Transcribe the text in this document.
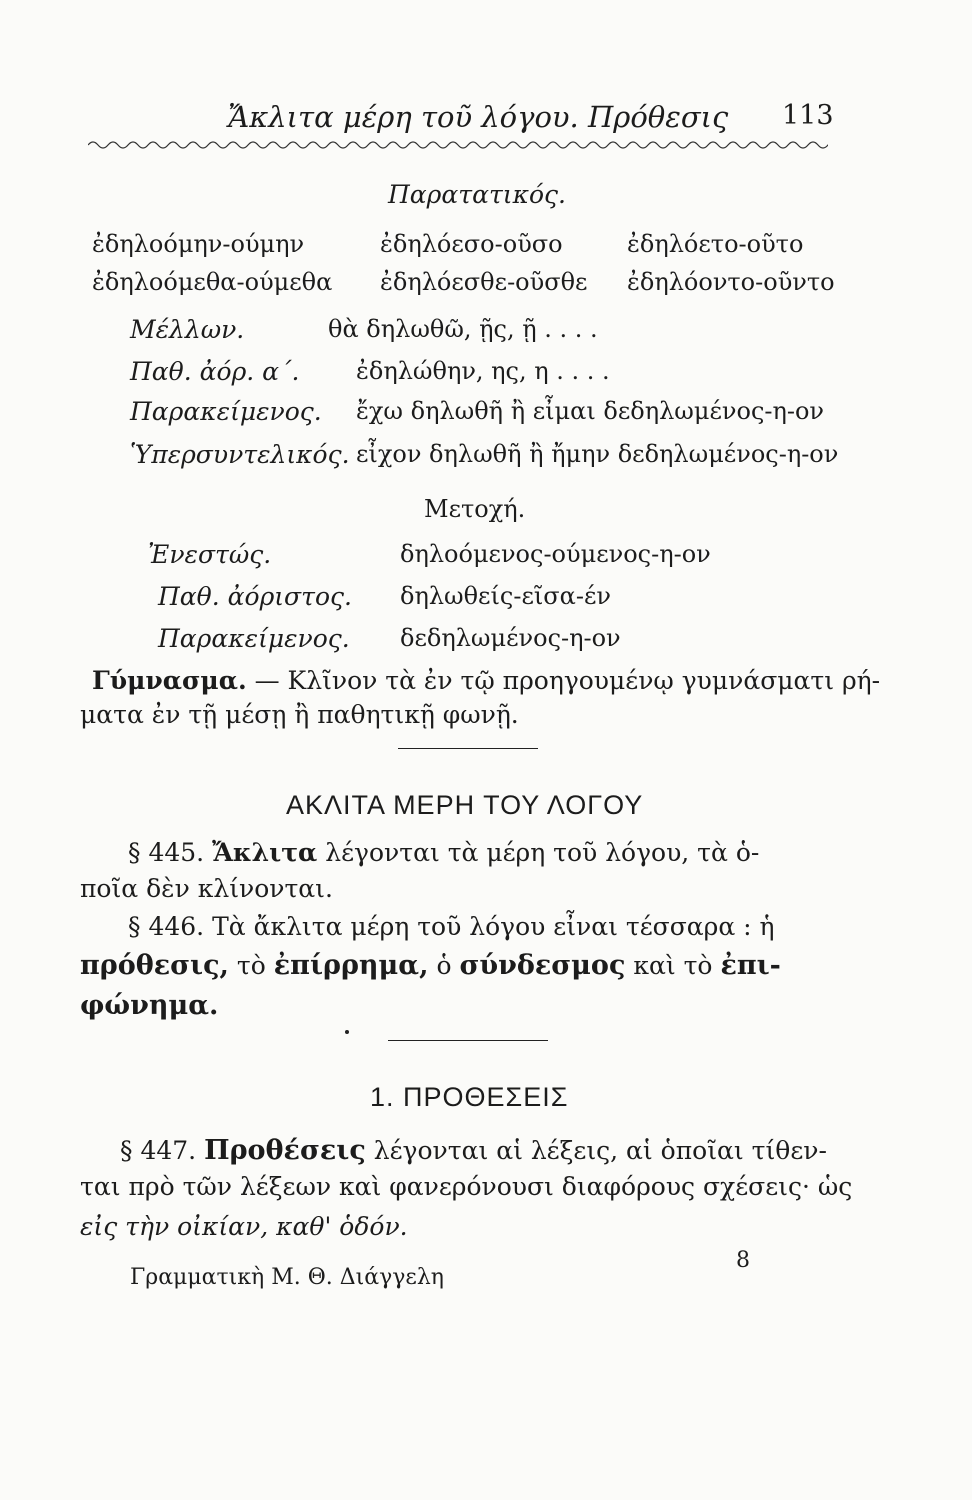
Ἄκλιτα μέρη τοῦ λόγου. Πρόθεσις 113
Παρατατικός.
ἐδηλοόμην-ούμην	ἐδηλόεσο-οῦσο	ἐδηλόετο-οῦτο
ἐδηλοόμεθα-ούμεθα ἐδηλόεσθε-οῦσθε ἐδηλόοντο-οῦντο
Μέλλων.	θὰ δηλωθῶ, ῇς, ῇ . . . .
Παθ. ἀόρ. α΄. ἐδηλώθην, ης, η . . . .
Παρακείμενος. ἔχω δηλωθῆ ἢ εἶμαι δεδηλωμένος-η-ον
Ὑπερσυντελικός. εἶχον δηλωθῆ ἢ ἤμην δεδηλωμένος-η-ον
Μετοχή.
Ἐνεστώς.	δηλοόμενος-ούμενος-η-ον
Παθ. ἀόριστος. δηλωθείς-εῖσα-έν
Παρακείμενος. δεδηλωμένος-η-ον
Γύμνασμα. — Κλῖνον τὰ ἐν τῷ προηγουμένῳ γυμνάσματι ρή-
ματα ἐν τῇ μέσῃ ἢ παθητικῇ φωνῇ.
ΑΚΛΙΤΑ ΜΕΡΗ ΤΟΥ ΛΟΓΟΥ
§ 445. Ἄκλιτα λέγονται τὰ μέρη τοῦ λόγου, τὰ ὁ-
ποῖα δὲν κλίνονται.
§ 446. Τὰ ἄκλιτα μέρη τοῦ λόγου εἶναι τέσσαρα : ἡ
πρόθεσις, τὸ ἐπίρρημα, ὁ σύνδεσμος καὶ τὸ ἐπι-
φώνημα.
1. ΠΡΟΘΕΣΕΙΣ
§ 447. Προθέσεις λέγονται αἱ λέξεις, αἱ ὁποῖαι τίθεν-
ται πρὸ τῶν λέξεων καὶ φανερόνουσι διαφόρους σχέσεις· ὡς
εἰς τὴν οἰκίαν, καθ' ὁδόν.
Γραμματικὴ Μ. Θ. Διάγγελη
8
